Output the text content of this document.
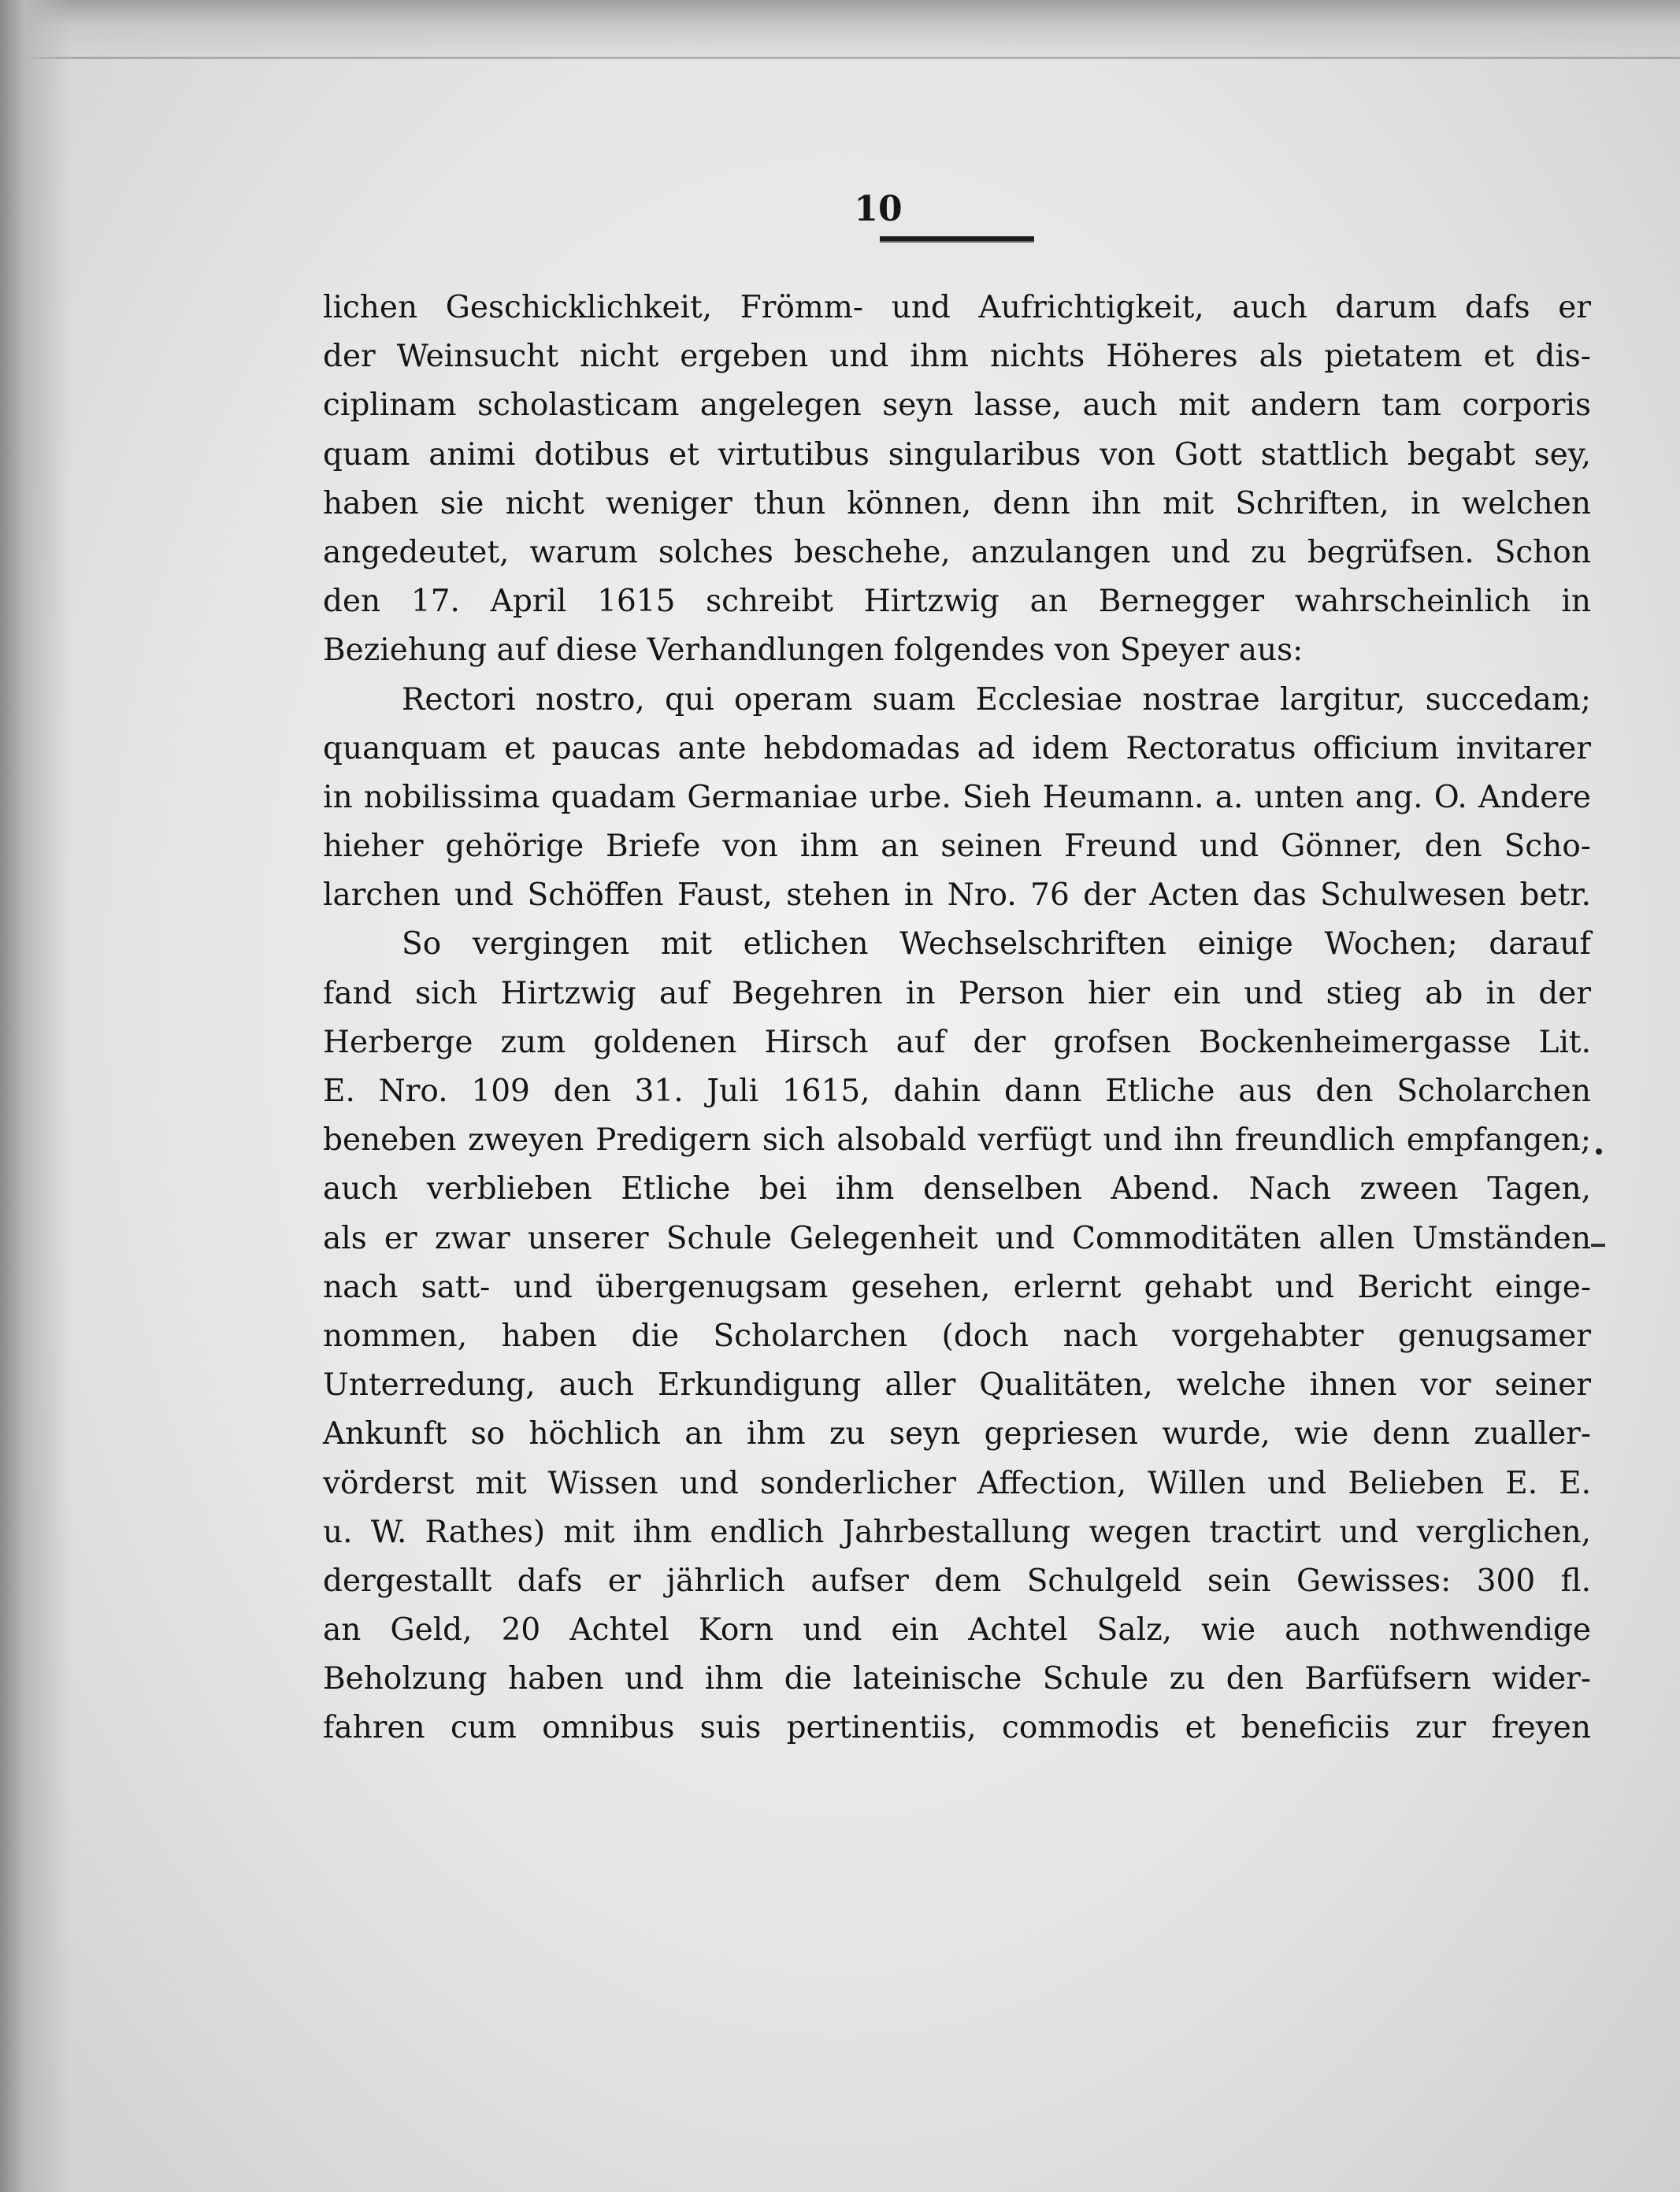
10
lichen Geschicklichkeit, Frömm- und Aufrichtigkeit, auch darum dafs er
der Weinsucht nicht ergeben und ihm nichts Höheres als pietatem et dis-
ciplinam scholasticam angelegen seyn lasse, auch mit andern tam corporis
quam animi dotibus et virtutibus singularibus von Gott stattlich begabt sey,
haben sie nicht weniger thun können, denn ihn mit Schriften, in welchen
angedeutet, warum solches beschehe, anzulangen und zu begrüfsen. Schon
den 17. April 1615 schreibt Hirtzwig an Bernegger wahrscheinlich in
Beziehung auf diese Verhandlungen folgendes von Speyer aus:
Rectori nostro, qui operam suam Ecclesiae nostrae largitur, succedam;
quanquam et paucas ante hebdomadas ad idem Rectoratus officium invitarer
in nobilissima quadam Germaniae urbe. Sieh Heumann. a. unten ang. O. Andere
hieher gehörige Briefe von ihm an seinen Freund und Gönner, den Scho-
larchen und Schöffen Faust, stehen in Nro. 76 der Acten das Schulwesen betr.
So vergingen mit etlichen Wechselschriften einige Wochen; darauf
fand sich Hirtzwig auf Begehren in Person hier ein und stieg ab in der
Herberge zum goldenen Hirsch auf der grofsen Bockenheimergasse Lit.
E. Nro. 109 den 31. Juli 1615, dahin dann Etliche aus den Scholarchen
beneben zweyen Predigern sich alsobald verfügt und ihn freundlich empfangen;
auch verblieben Etliche bei ihm denselben Abend. Nach zween Tagen,
als er zwar unserer Schule Gelegenheit und Commoditäten allen Umständen
nach satt- und übergenugsam gesehen, erlernt gehabt und Bericht einge-
nommen, haben die Scholarchen (doch nach vorgehabter genugsamer
Unterredung, auch Erkundigung aller Qualitäten, welche ihnen vor seiner
Ankunft so höchlich an ihm zu seyn gepriesen wurde, wie denn zualler-
vörderst mit Wissen und sonderlicher Affection, Willen und Belieben E. E.
u. W. Rathes) mit ihm endlich Jahrbestallung wegen tractirt und verglichen,
dergestallt dafs er jährlich aufser dem Schulgeld sein Gewisses: 300 fl.
an Geld, 20 Achtel Korn und ein Achtel Salz, wie auch nothwendige
Beholzung haben und ihm die lateinische Schule zu den Barfüfsern wider-
fahren cum omnibus suis pertinentiis, commodis et beneficiis zur freyen
